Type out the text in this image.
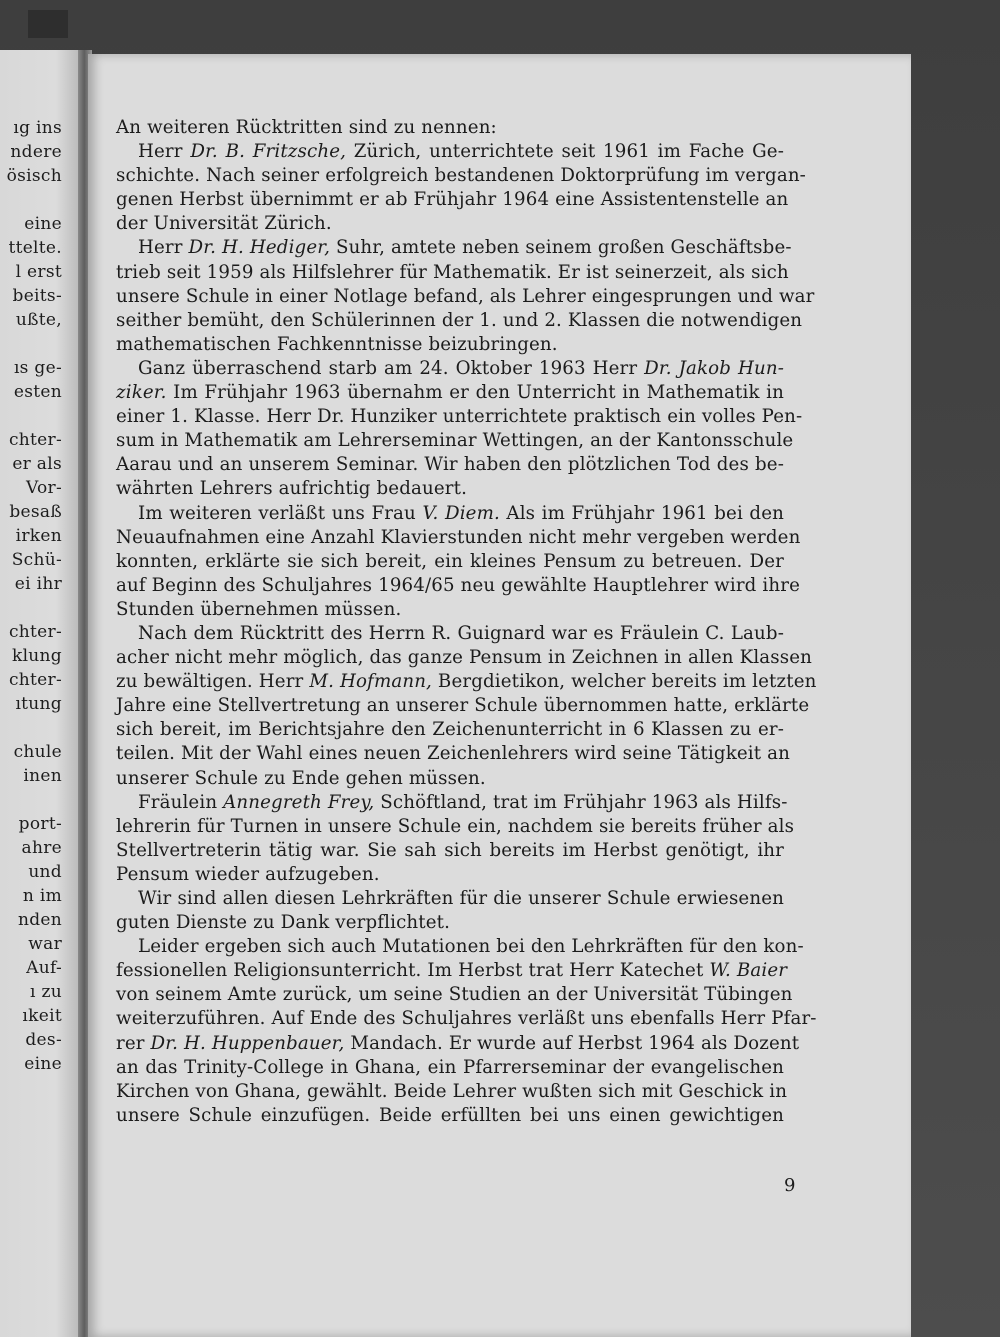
ıg ins
ndere
ösisch
eine
ttelte.
l erst
beits-
ußte,
ıs ge-
esten
chter-
er als
Vor-
besaß
irken
Schü-
ei ihr
chter-
klung
chter-
ıtung
chule
inen
port-
ahre
und
n im
nden
war
Auf-
ı zu
ıkeit
des-
eine
An weiteren Rücktritten sind zu nennen:
Herr Dr. B. Fritzsche, Zürich, unterrichtete seit 1961 im Fache Ge-
schichte. Nach seiner erfolgreich bestandenen Doktorprüfung im vergan-
genen Herbst übernimmt er ab Frühjahr 1964 eine Assistentenstelle an
der Universität Zürich.
Herr Dr. H. Hediger, Suhr, amtete neben seinem großen Geschäftsbe-
trieb seit 1959 als Hilfslehrer für Mathematik. Er ist seinerzeit, als sich
unsere Schule in einer Notlage befand, als Lehrer eingesprungen und war
seither bemüht, den Schülerinnen der 1. und 2. Klassen die notwendigen
mathematischen Fachkenntnisse beizubringen.
Ganz überraschend starb am 24. Oktober 1963 Herr Dr. Jakob Hun-
ziker. Im Frühjahr 1963 übernahm er den Unterricht in Mathematik in
einer 1. Klasse. Herr Dr. Hunziker unterrichtete praktisch ein volles Pen-
sum in Mathematik am Lehrerseminar Wettingen, an der Kantonsschule
Aarau und an unserem Seminar. Wir haben den plötzlichen Tod des be-
währten Lehrers aufrichtig bedauert.
Im weiteren verläßt uns Frau V. Diem. Als im Frühjahr 1961 bei den
Neuaufnahmen eine Anzahl Klavierstunden nicht mehr vergeben werden
konnten, erklärte sie sich bereit, ein kleines Pensum zu betreuen. Der
auf Beginn des Schuljahres 1964/65 neu gewählte Hauptlehrer wird ihre
Stunden übernehmen müssen.
Nach dem Rücktritt des Herrn R. Guignard war es Fräulein C. Laub-
acher nicht mehr möglich, das ganze Pensum in Zeichnen in allen Klassen
zu bewältigen. Herr M. Hofmann, Bergdietikon, welcher bereits im letzten
Jahre eine Stellvertretung an unserer Schule übernommen hatte, erklärte
sich bereit, im Berichtsjahre den Zeichenunterricht in 6 Klassen zu er-
teilen. Mit der Wahl eines neuen Zeichenlehrers wird seine Tätigkeit an
unserer Schule zu Ende gehen müssen.
Fräulein Annegreth Frey, Schöftland, trat im Frühjahr 1963 als Hilfs-
lehrerin für Turnen in unsere Schule ein, nachdem sie bereits früher als
Stellvertreterin tätig war. Sie sah sich bereits im Herbst genötigt, ihr
Pensum wieder aufzugeben.
Wir sind allen diesen Lehrkräften für die unserer Schule erwiesenen
guten Dienste zu Dank verpflichtet.
Leider ergeben sich auch Mutationen bei den Lehrkräften für den kon-
fessionellen Religionsunterricht. Im Herbst trat Herr Katechet W. Baier
von seinem Amte zurück, um seine Studien an der Universität Tübingen
weiterzuführen. Auf Ende des Schuljahres verläßt uns ebenfalls Herr Pfar-
rer Dr. H. Huppenbauer, Mandach. Er wurde auf Herbst 1964 als Dozent
an das Trinity-College in Ghana, ein Pfarrerseminar der evangelischen
Kirchen von Ghana, gewählt. Beide Lehrer wußten sich mit Geschick in
unsere Schule einzufügen. Beide erfüllten bei uns einen gewichtigen
9
